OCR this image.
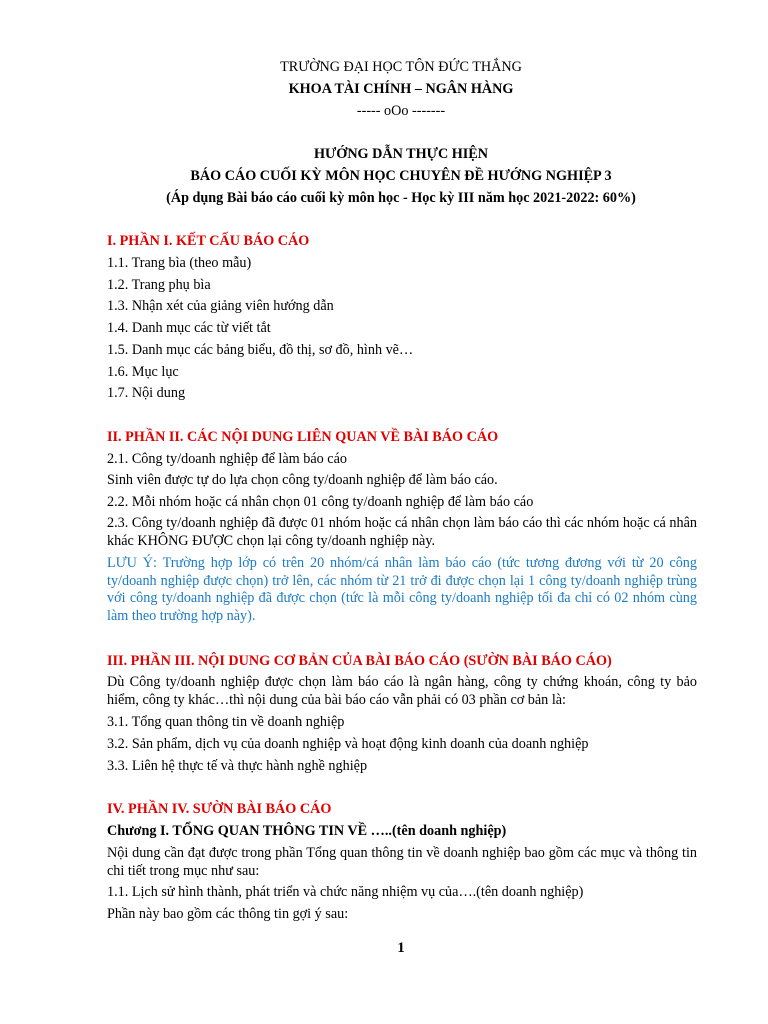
TRƯỜNG ĐẠI HỌC TÔN ĐỨC THẮNG
KHOA TÀI CHÍNH – NGÂN HÀNG
----- oOo -------
HƯỚNG DẪN THỰC HIỆN
BÁO CÁO CUỐI KỲ MÔN HỌC CHUYÊN ĐỀ HƯỚNG NGHIỆP 3
(Áp dụng Bài báo cáo cuối kỳ môn học - Học kỳ III năm học 2021-2022: 60%)
I. PHẦN I. KẾT CẤU BÁO CÁO
1.1. Trang bìa (theo mẫu)
1.2. Trang phụ bìa
1.3. Nhận xét của giảng viên hướng dẫn
1.4. Danh mục các từ viết tắt
1.5. Danh mục các bảng biểu, đồ thị, sơ đồ, hình vẽ…
1.6. Mục lục
1.7. Nội dung
II. PHẦN II. CÁC NỘI DUNG LIÊN QUAN VỀ BÀI BÁO CÁO
2.1. Công ty/doanh nghiệp để làm báo cáo
Sinh viên được tự do lựa chọn công ty/doanh nghiệp để làm báo cáo.
2.2. Mỗi nhóm hoặc cá nhân chọn 01 công ty/doanh nghiệp để làm báo cáo
2.3. Công ty/doanh nghiệp đã được 01 nhóm hoặc cá nhân chọn làm báo cáo thì các nhóm hoặc cá nhân khác KHÔNG ĐƯỢC chọn lại công ty/doanh nghiệp này.
LƯU Ý: Trường hợp lớp có trên 20 nhóm/cá nhân làm báo cáo (tức tương đương với từ 20 công ty/doanh nghiệp được chọn) trở lên, các nhóm từ 21 trở đi được chọn lại 1 công ty/doanh nghiệp trùng với công ty/doanh nghiệp đã được chọn (tức là mỗi công ty/doanh nghiệp tối đa chỉ có 02 nhóm cùng làm theo trường hợp này).
III. PHẦN III. NỘI DUNG CƠ BẢN CỦA BÀI BÁO CÁO (SƯỜN BÀI BÁO CÁO)
Dù Công ty/doanh nghiệp được chọn làm báo cáo là ngân hàng, công ty chứng khoán, công ty bảo hiểm, công ty khác…thì nội dung của bài báo cáo vẫn phải có 03 phần cơ bản là:
3.1. Tổng quan thông tin về doanh nghiệp
3.2. Sản phẩm, dịch vụ của doanh nghiệp và hoạt động kinh doanh của doanh nghiệp
3.3. Liên hệ thực tế và thực hành nghề nghiệp
IV. PHẦN IV. SƯỜN BÀI BÁO CÁO
Chương I. TỔNG QUAN THÔNG TIN VỀ …..(tên doanh nghiệp)
Nội dung cần đạt được trong phần Tổng quan thông tin về doanh nghiệp bao gồm các mục và thông tin chi tiết trong mục như sau:
1.1. Lịch sử hình thành, phát triển và chức năng nhiệm vụ của….(tên doanh nghiệp)
Phần này bao gồm các thông tin gợi ý sau:
1
